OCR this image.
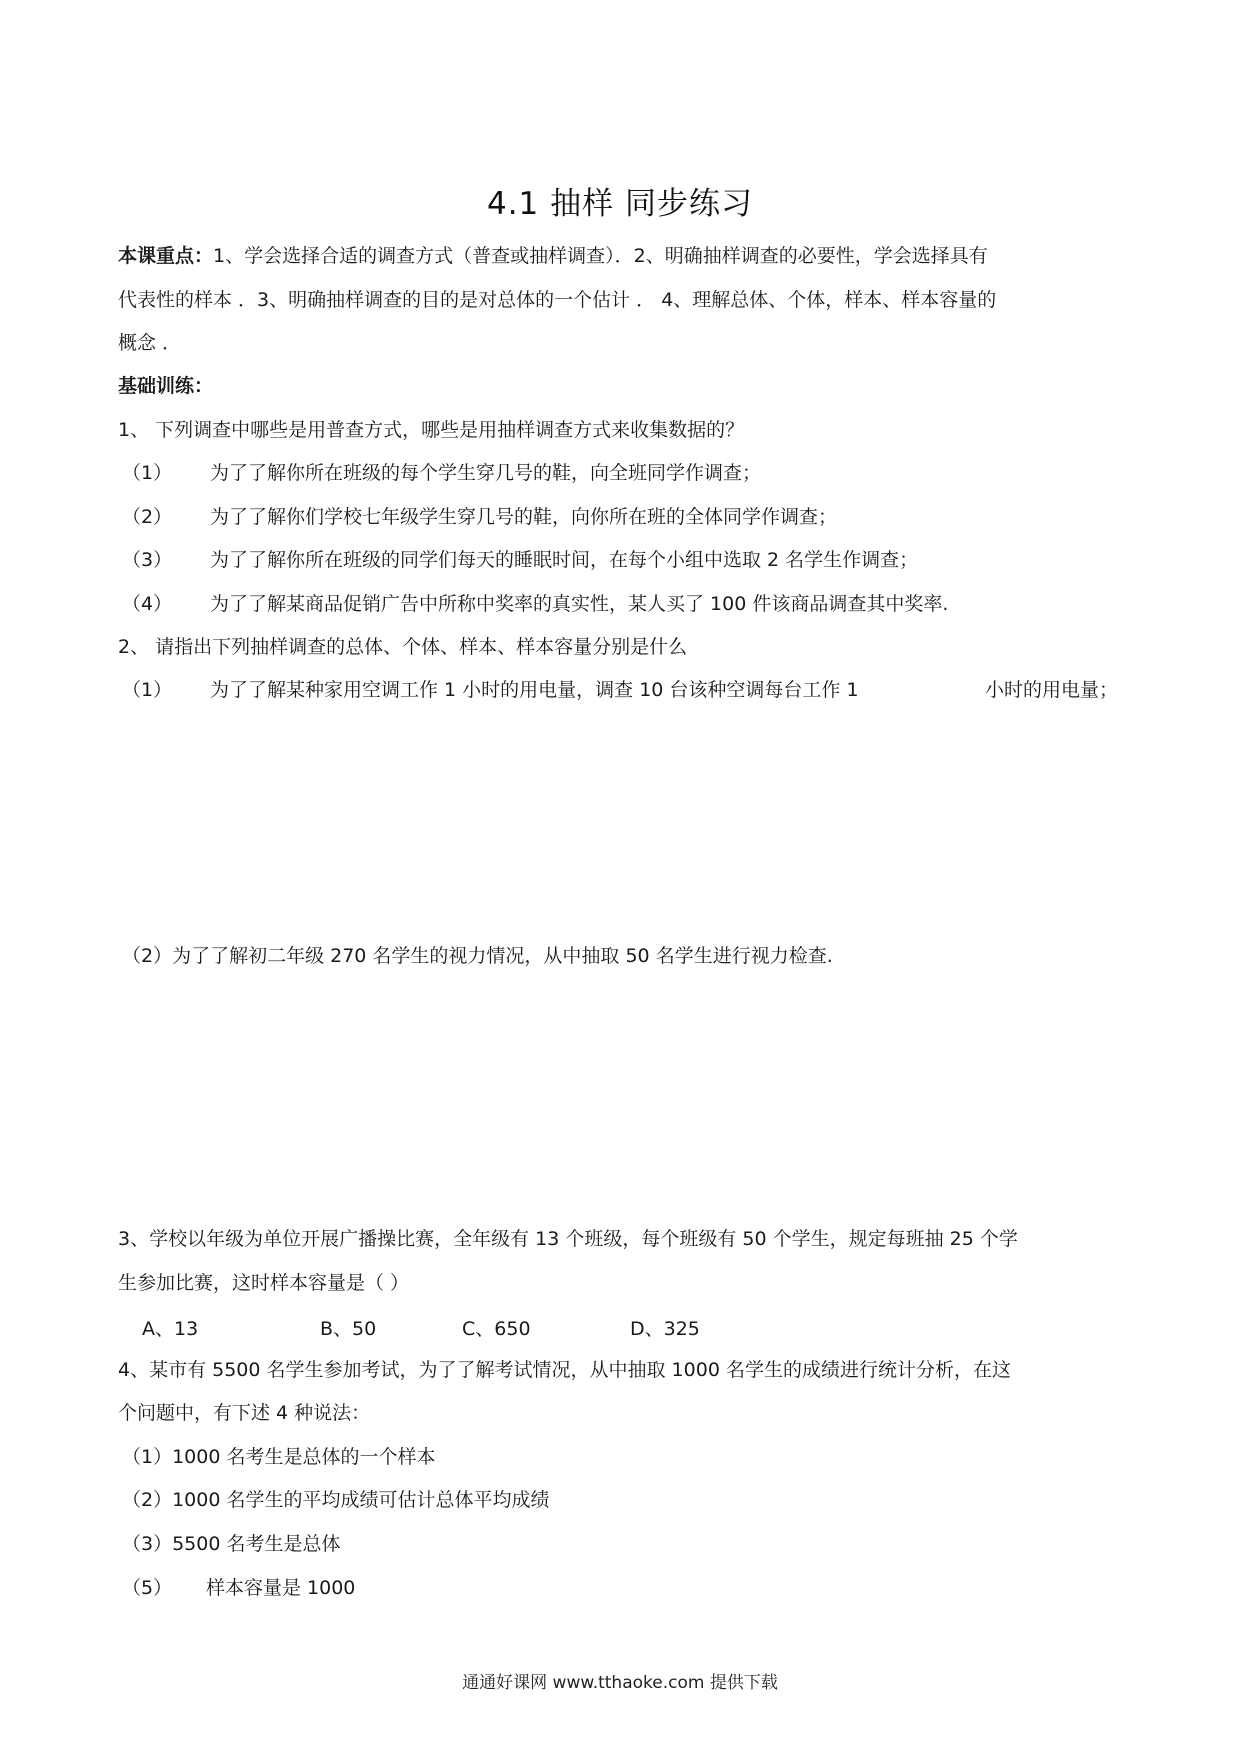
4.1 抽样 同步练习
本课重点：1、学会选择合适的调查方式（普查或抽样调查）．2、明确抽样调查的必要性，学会选择具有
代表性的样本 ．3、明确抽样调查的目的是对总体的一个估计 ． 4、理解总体、个体，样本、样本容量的
概念 ．
基础训练：
1、 下列调查中哪些是用普查方式，哪些是用抽样调查方式来收集数据的？
（1） 为了了解你所在班级的每个学生穿几号的鞋，向全班同学作调查；
（2） 为了了解你们学校七年级学生穿几号的鞋，向你所在班的全体同学作调查；
（3） 为了了解你所在班级的同学们每天的睡眠时间，在每个小组中选取 2 名学生作调查；
（4） 为了了解某商品促销广告中所称中奖率的真实性，某人买了 100 件该商品调查其中奖率.
2、 请指出下列抽样调查的总体、个体、样本、样本容量分别是什么
（1） 为了了解某种家用空调工作 1 小时的用电量，调查 10 台该种空调每台工作 1	小时的用电量；
（2）为了了解初二年级 270 名学生的视力情况，从中抽取 50 名学生进行视力检查.
3、学校以年级为单位开展广播操比赛，全年级有 13 个班级，每个班级有 50 个学生，规定每班抽 25 个学
生参加比赛，这时样本容量是（ ）
A、13	B、50	C、650	D、325
4、某市有 5500 名学生参加考试，为了了解考试情况，从中抽取 1000 名学生的成绩进行统计分析，在这
个问题中，有下述 4 种说法：
（1）1000 名考生是总体的一个样本
（2）1000 名学生的平均成绩可估计总体平均成绩
（3）5500 名考生是总体
（5） 样本容量是 1000
通通好课网 www.tthaoke.com 提供下载
